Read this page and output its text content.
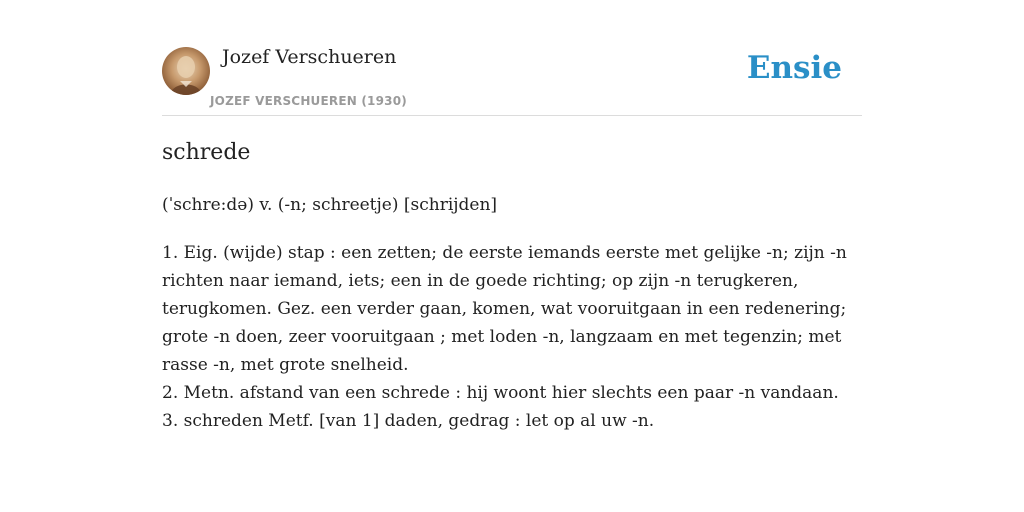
Jozef Verschueren
JOZEF VERSCHUEREN (1930)
Ensie
schrede
(ˈschre:də) v. (-n; schreetje) [schrijden]
1. Eig. (wijde) stap : een zetten; de eerste iemands eerste met gelijke -n; zijn -n
richten naar iemand, iets; een in de goede richting; op zijn -n terugkeren,
terugkomen. Gez. een verder gaan, komen, wat vooruitgaan in een redenering;
grote -n doen, zeer vooruitgaan ; met loden -n, langzaam en met tegenzin; met
rasse -n, met grote snelheid.
2. Metn. afstand van een schrede : hij woont hier slechts een paar -n vandaan.
3. schreden Metf. [van 1] daden, gedrag : let op al uw -n.
